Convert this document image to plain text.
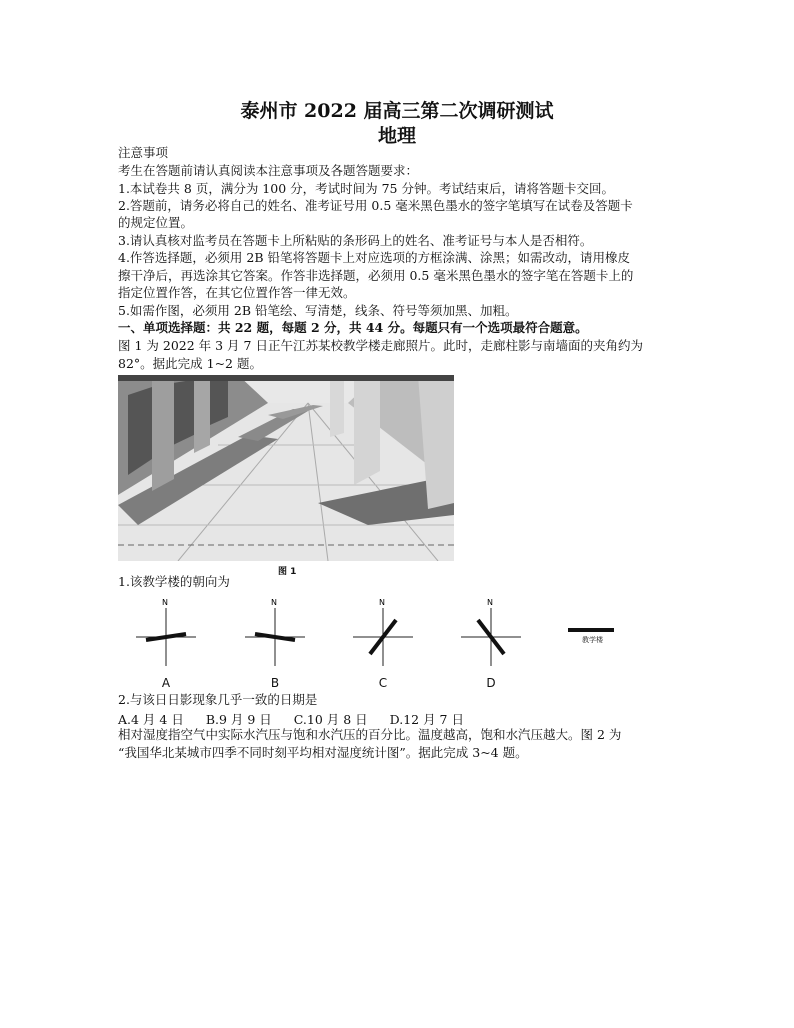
泰州市 2022 届高三第二次调研测试
地理
注意事项
考生在答题前请认真阅读本注意事项及各题答题要求：
1.本试卷共 8 页，满分为 100 分，考试时间为 75 分钟。考试结束后，请将答题卡交回。
2.答题前，请务必将自己的姓名、准考证号用 0.5 毫米黑色墨水的签字笔填写在试卷及答题卡
的规定位置。
3.请认真核对监考员在答题卡上所粘贴的条形码上的姓名、准考证号与本人是否相符。
4.作答选择题，必须用 2B 铅笔将答题卡上对应选项的方框涂满、涂黑；如需改动，请用橡皮
擦干净后，再选涂其它答案。作答非选择题，必须用 0.5 毫米黑色墨水的签字笔在答题卡上的
指定位置作答，在其它位置作答一律无效。
5.如需作图，必须用 2B 铅笔绘、写清楚，线条、符号等须加黑、加粗。
一、单项选择题：共 22 题，每题 2 分，共 44 分。每题只有一个选项最符合题意。
图 1 为 2022 年 3 月 7 日正午江苏某校教学楼走廊照片。此时，走廊柱影与南墙面的夹角约为
82°。据此完成 1~2 题。
图 1
1.该教学楼的朝向为
N	N	N	N
A	B	C	D
教学楼
2.与该日日影现象几乎一致的日期是
A.4 月 4 日 B.9 月 9 日 C.10 月 8 日 D.12 月 7 日
相对湿度指空气中实际水汽压与饱和水汽压的百分比。温度越高，饱和水汽压越大。图 2 为
“我国华北某城市四季不同时刻平均相对湿度统计图”。据此完成 3~4 题。
